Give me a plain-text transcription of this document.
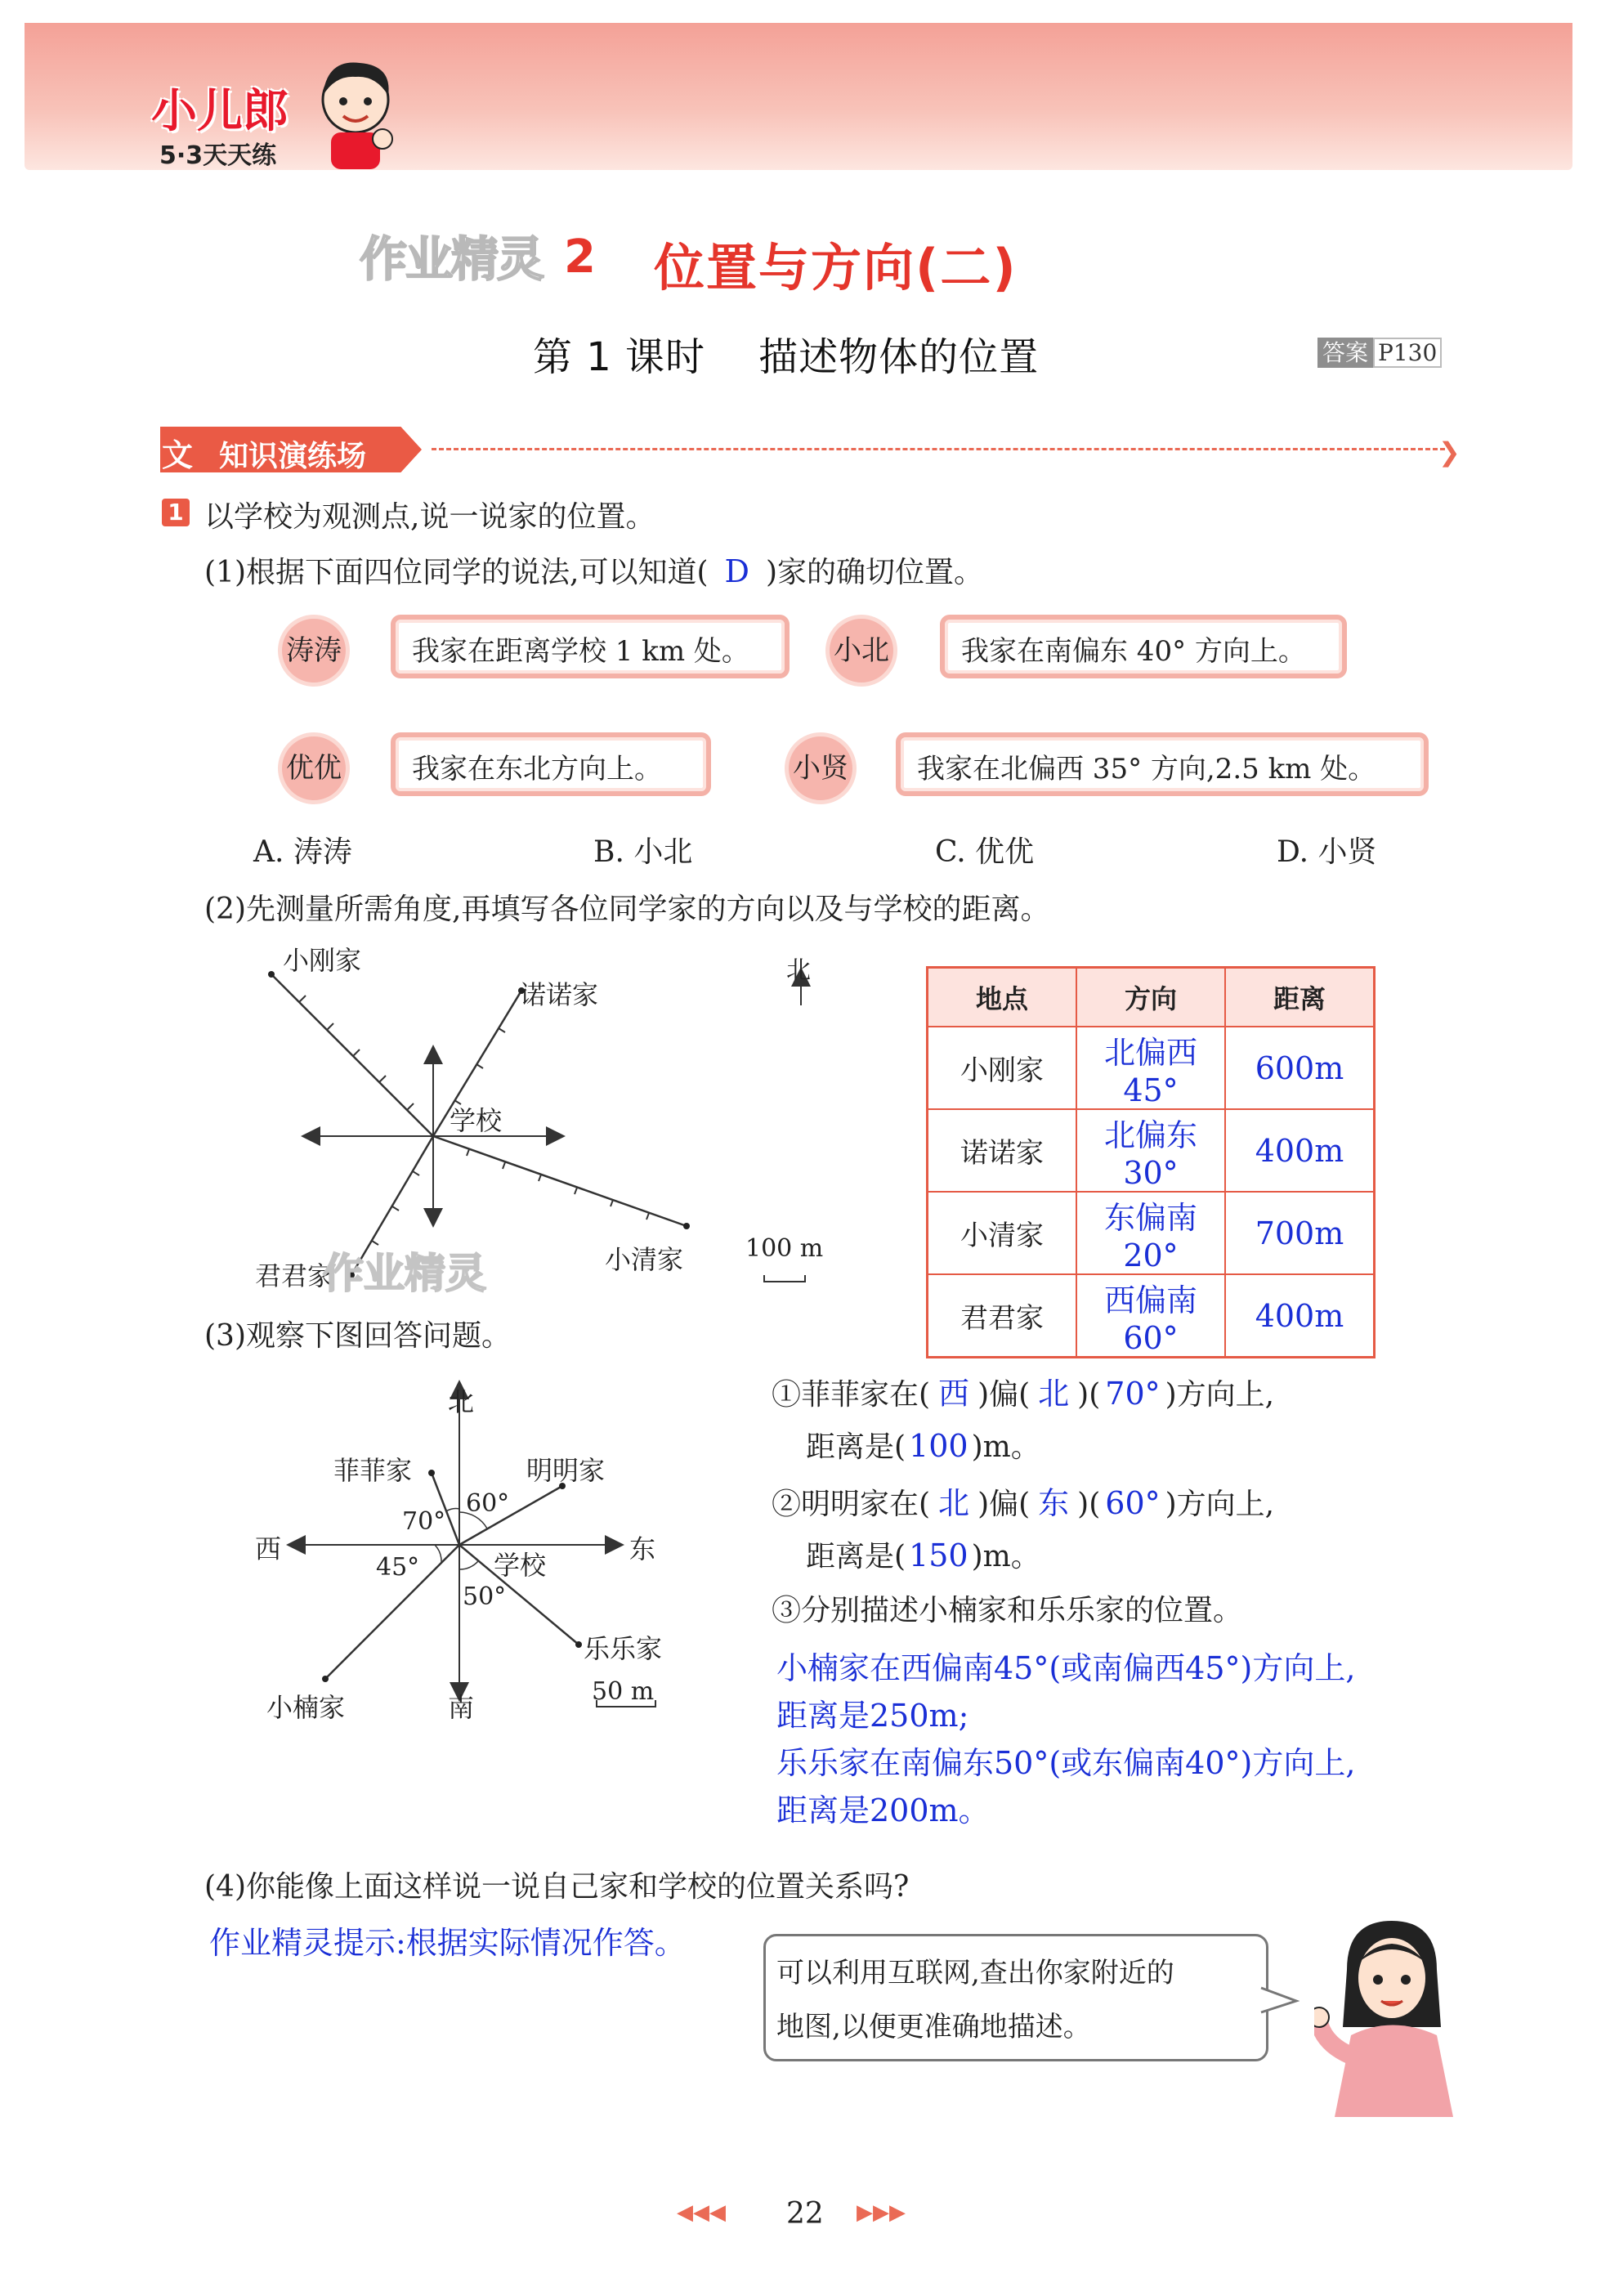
小儿郎
5·3天天练
作业精灵 2 位置与方向(二)
第 1 课时    描述物体的位置	答案 P130
文 知识演练场	❯
1 以学校为观测点,说一说家的位置。
(1)根据下面四位同学的说法,可以知道( D )家的确切位置。
涛涛	我家在距离学校 1 km 处。	小北	我家在南偏东 40° 方向上。
优优	我家在东北方向上。	小贤	我家在北偏西 35° 方向,2.5 km 处。
A. 涛涛	B. 小北	C. 优优	D. 小贤
(2)先测量所需角度,再填写各位同学家的方向以及与学校的距离。
小刚家
诺诺家
学校
君君家
小清家
北
100 m
作业精灵
地点	方向	距离
小刚家	北偏西45°	600m
诺诺家	北偏东30°	400m
小清家	东偏南20°	700m
君君家	西偏南60°	400m
(3)观察下图回答问题。
北
南
西	东
菲菲家	明明家
学校
乐乐家
小楠家
70°
60°
45°
50°
50 m
①菲菲家在( 西 )偏( 北 )( 70° )方向上,
距离是( 100 )m。
②明明家在( 北 )偏( 东 )( 60° )方向上,
距离是( 150 )m。
③分别描述小楠家和乐乐家的位置。
小楠家在西偏南45°(或南偏西45°)方向上,
距离是250m;
乐乐家在南偏东50°(或东偏南40°)方向上,
距离是200m。
(4)你能像上面这样说一说自己家和学校的位置关系吗?
作业精灵提示:根据实际情况作答。
可以利用互联网,查出你家附近的
地图,以便更准确地描述。
◀◀◀ 22 ▶▶▶
